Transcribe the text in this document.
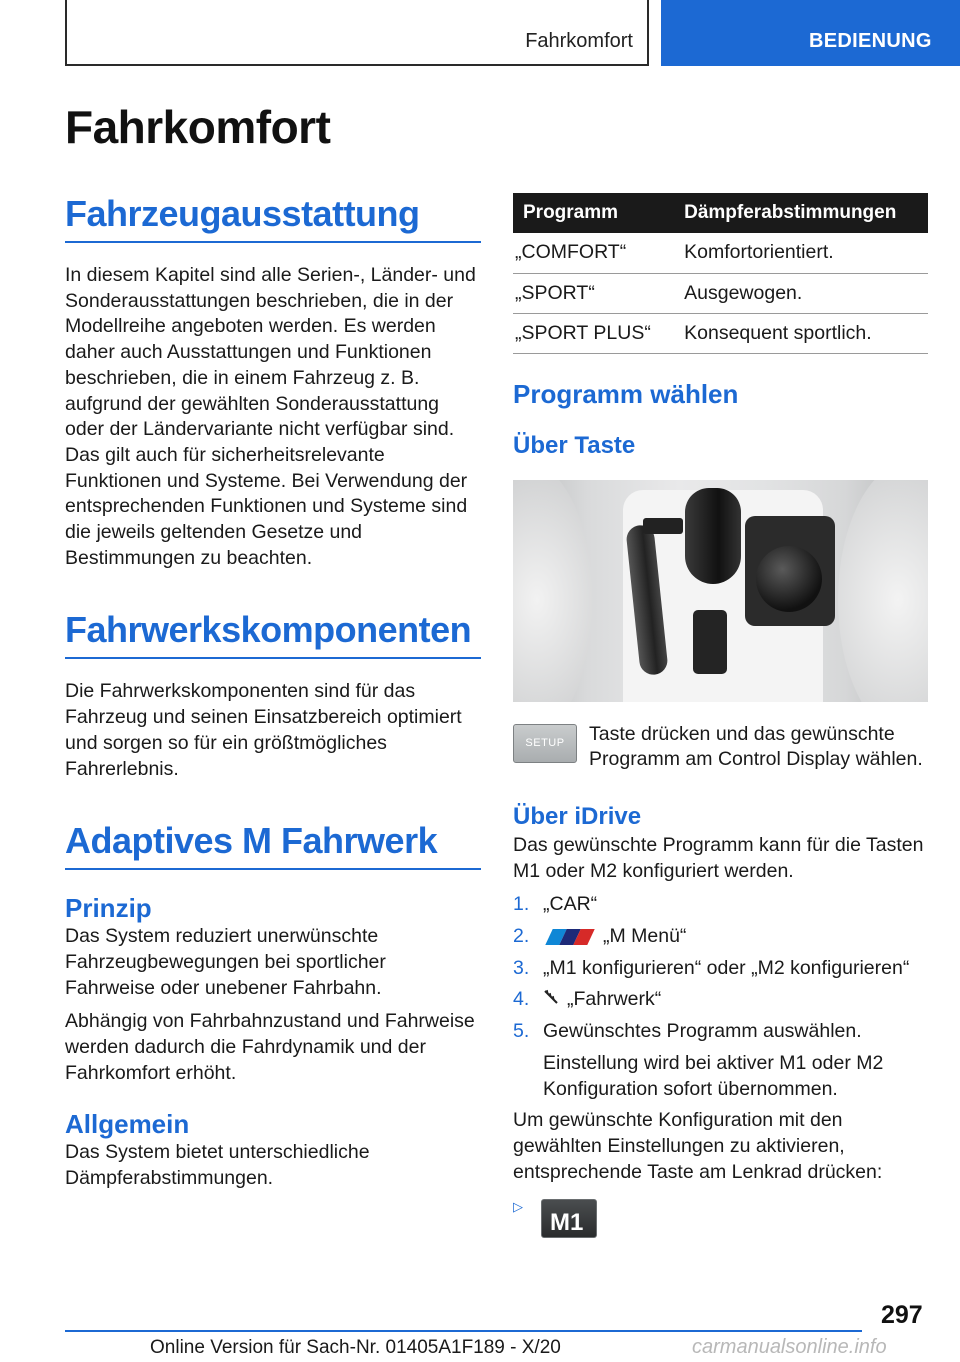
Fahrkomfort	BEDIENUNG
Fahrkomfort
Fahrzeugausstattung
In diesem Kapitel sind alle Serien-, Länder- und Sonderausstattungen beschrieben, die in der Modellreihe angeboten werden. Es werden daher auch Ausstattungen und Funktionen beschrieben, die in einem Fahrzeug z. B. aufgrund der gewählten Sonderausstattung oder der Ländervariante nicht verfügbar sind. Das gilt auch für sicherheitsrelevante Funktionen und Systeme. Bei Verwendung der entsprechenden Funktionen und Systeme sind die jeweils geltenden Gesetze und Bestimmungen zu beachten.
Fahrwerkskomponenten
Die Fahrwerkskomponenten sind für das Fahrzeug und seinen Einsatzbereich optimiert und sorgen so für ein größtmögliches Fahrerlebnis.
Adaptives M Fahrwerk
Prinzip
Das System reduziert unerwünschte Fahrzeugbewegungen bei sportlicher Fahrweise oder unebener Fahrbahn.
Abhängig von Fahrbahnzustand und Fahrweise werden dadurch die Fahrdynamik und der Fahrkomfort erhöht.
Allgemein
Das System bietet unterschiedliche Dämpferabstimmungen.
Programm	Dämpferabstimmungen
„COMFORT“	Komfortorientiert.
„SPORT“	Ausgewogen.
„SPORT PLUS“	Konsequent sportlich.
Programm wählen
Über Taste
SETUP Taste drücken und das gewünschte Programm am Control Display wählen.
Über iDrive
Das gewünschte Programm kann für die Tasten M1 oder M2 konfiguriert werden.
1. „CAR“
2.	„M Menü“
3. „M1 konfigurieren“ oder „M2 konfigurieren“
4.	„Fahrwerk“
5. Gewünschtes Programm auswählen.
Einstellung wird bei aktiver M1 oder M2 Konfiguration sofort übernommen.
Um gewünschte Konfiguration mit den gewählten Einstellungen zu aktivieren, entsprechende Taste am Lenkrad drücken:
▷
M1
297
Online Version für Sach-Nr. 01405A1F189 - X/20	carmanualsonline.info
